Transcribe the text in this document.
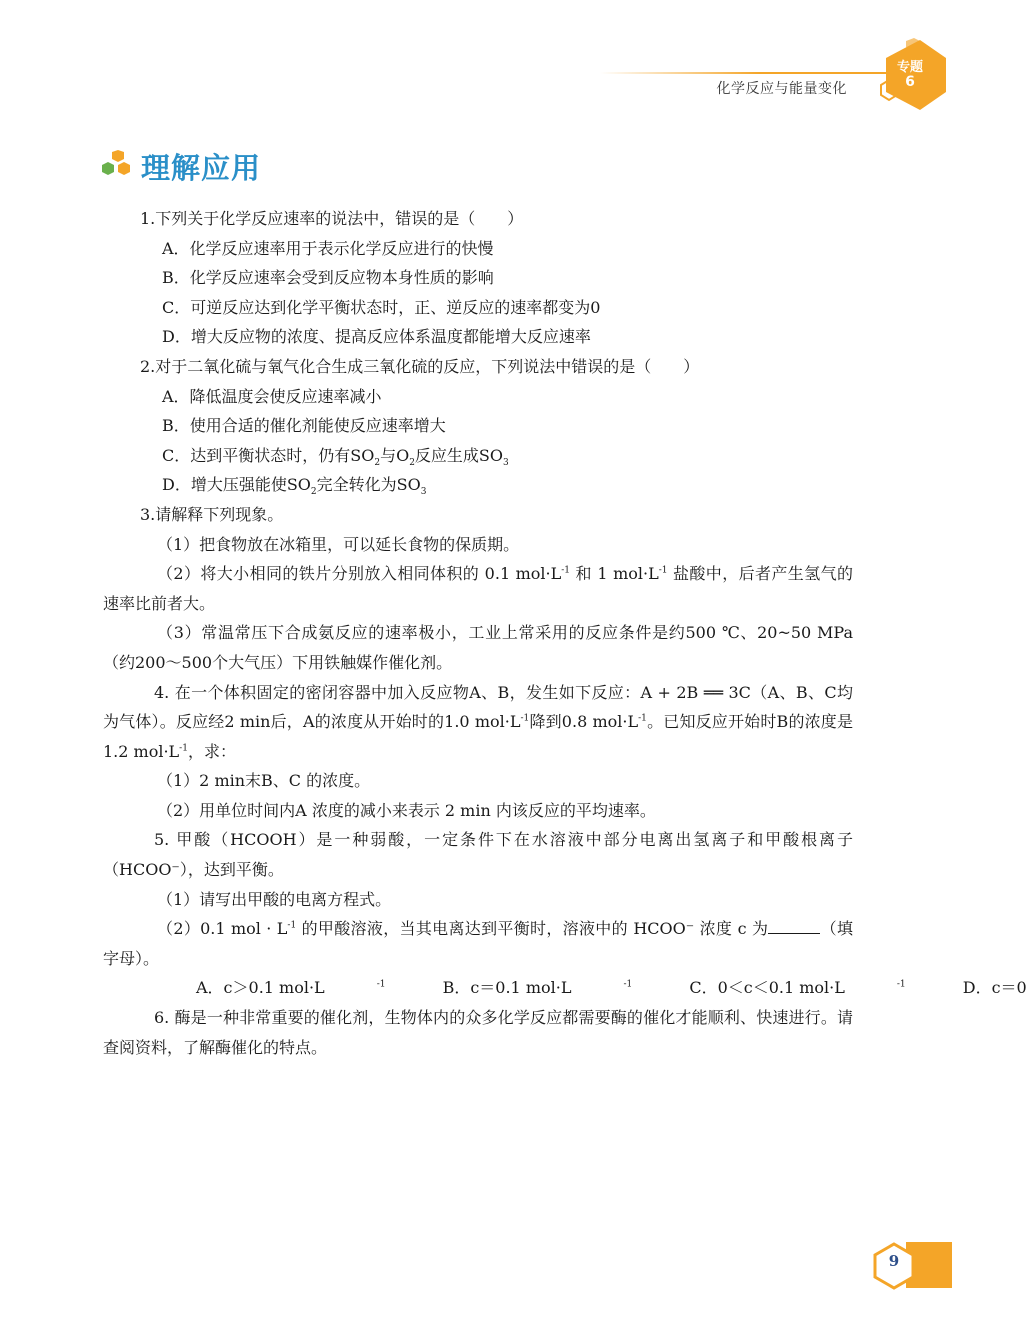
化学反应与能量变化
专题
6
理解应用

1.下列关于化学反应速率的说法中，错误的是（　　）

A．化学反应速率用于表示化学反应进行的快慢

B．化学反应速率会受到反应物本身性质的影响

C．可逆反应达到化学平衡状态时，正、逆反应的速率都变为0

D．增大反应物的浓度、提高反应体系温度都能增大反应速率

2.对于二氧化硫与氧气化合生成三氧化硫的反应，下列说法中错误的是（　　）

A．降低温度会使反应速率减小

B．使用合适的催化剂能使反应速率增大

C．达到平衡状态时，仍有$SO_2$与$O_2$反应生成$SO_3$

D．增大压强能使$SO_2$完全转化为$SO_3$

3.请解释下列现象。

（1）把食物放在冰箱里，可以延长食物的保质期。

（2）将大小相同的铁片分别放入相同体积的 0.1 $mol\cdot L^{-1}$ 和 1 $mol\cdot L^{-1}$ 盐酸中，后者产生氢气的速率比前者大。

（3）常温常压下合成氨反应的速率极小，工业上常采用的反应条件是约500 ℃、20~50 MPa（约200～500个大气压）下用铁触媒作催化剂。

4. 在一个体积固定的密闭容器中加入反应物A、B，发生如下反应：A + 2B ══ 3C（A、B、C均为气体）。反应经2 min后，A的浓度从开始时的1.0 $mol\cdot L^{-1}$降到0.8 $mol\cdot L^{-1}$。已知反应开始时B的浓度是1.2 $mol\cdot L^{-1}$，求：

（1）2 min末B、C 的浓度。

（2）用单位时间内A 浓度的减小来表示 2 min 内该反应的平均速率。

5. 甲酸（HCOOH）是一种弱酸，一定条件下在水溶液中部分电离出氢离子和甲酸根离子（HCOO⁻），达到平衡。

（1）请写出甲酸的电离方程式。

（2）0.1 mol · $L^{-1}$ 的甲酸溶液，当其电离达到平衡时，溶液中的 HCOO⁻ 浓度 c 为	（填字母）。

A．c＞0.1 mol·L	$^{-1}$	B．c＝0.1 mol·L	$^{-1}$	C．0＜c＜0.1 mol·L	$^{-1}$	D．c＝0

6. 酶是一种非常重要的催化剂，生物体内的众多化学反应都需要酶的催化才能顺利、快速进行。请查阅资料，了解酶催化的特点。

9
